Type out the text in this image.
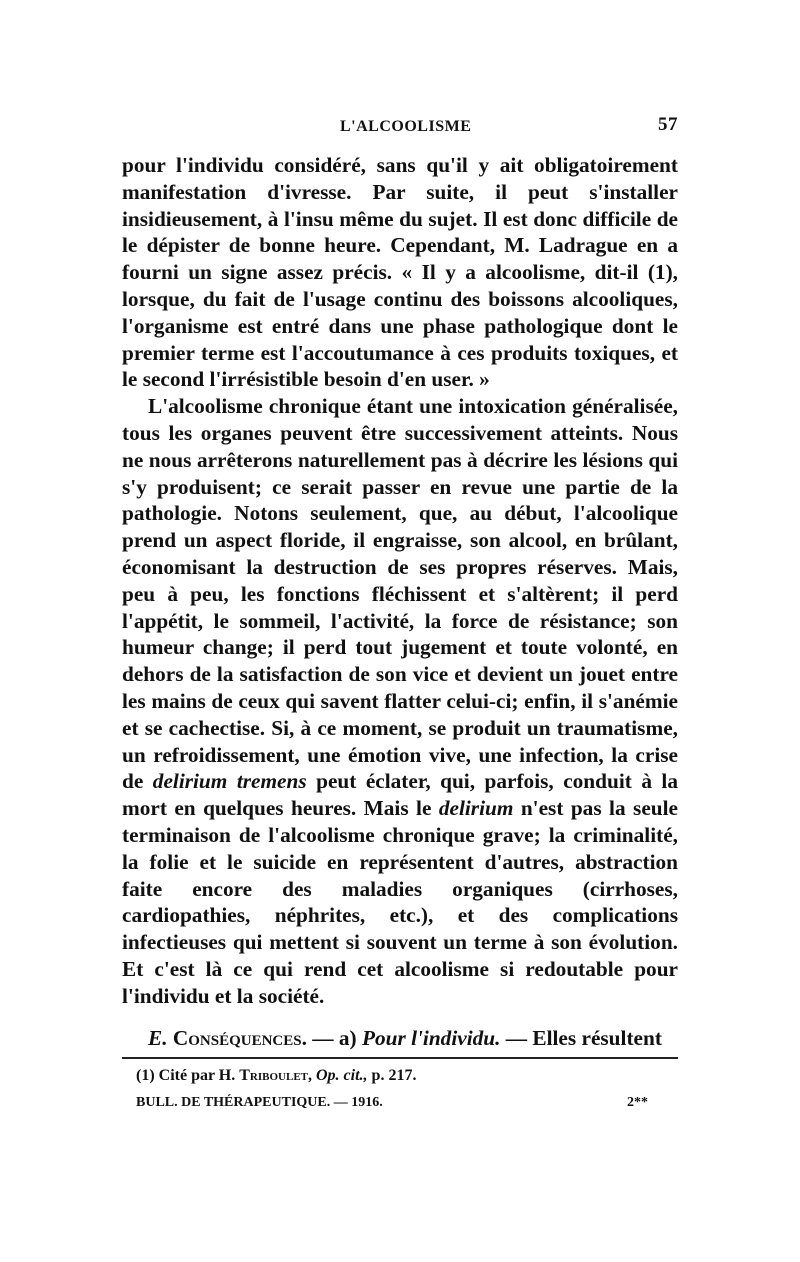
L'ALCOOLISME	57

pour l'individu considéré, sans qu'il y ait obligatoirement manifestation d'ivresse. Par suite, il peut s'installer insidieusement, à l'insu même du sujet. Il est donc difficile de le dépister de bonne heure. Cependant, M. Ladrague en a fourni un signe assez précis. « Il y a alcoolisme, dit-il (1), lorsque, du fait de l'usage continu des boissons alcooliques, l'organisme est entré dans une phase pathologique dont le premier terme est l'accoutumance à ces produits toxiques, et le second l'irrésistible besoin d'en user. »

L'alcoolisme chronique étant une intoxication généralisée, tous les organes peuvent être successivement atteints. Nous ne nous arrêterons naturellement pas à décrire les lésions qui s'y produisent; ce serait passer en revue une partie de la pathologie. Notons seulement, que, au début, l'alcoolique prend un aspect floride, il engraisse, son alcool, en brûlant, économisant la destruction de ses propres réserves. Mais, peu à peu, les fonctions fléchissent et s'altèrent; il perd l'appétit, le sommeil, l'activité, la force de résistance; son humeur change; il perd tout jugement et toute volonté, en dehors de la satisfaction de son vice et devient un jouet entre les mains de ceux qui savent flatter celui-ci; enfin, il s'anémie et se cachectise. Si, à ce moment, se produit un traumatisme, un refroidissement, une émotion vive, une infection, la crise de delirium tremens peut éclater, qui, parfois, conduit à la mort en quelques heures. Mais le delirium n'est pas la seule terminaison de l'alcoolisme chronique grave; la criminalité, la folie et le suicide en représentent d'autres, abstraction faite encore des maladies organiques (cirrhoses, cardiopathies, néphrites, etc.), et des complications infectieuses qui mettent si souvent un terme à son évolution. Et c'est là ce qui rend cet alcoolisme si redoutable pour l'individu et la société.

E. Conséquences. — a) Pour l'individu. — Elles résultent
(1) Cité par H. Triboulet, Op. cit., p. 217.
BULL. DE THÉRAPEUTIQUE. — 1916.	2**
